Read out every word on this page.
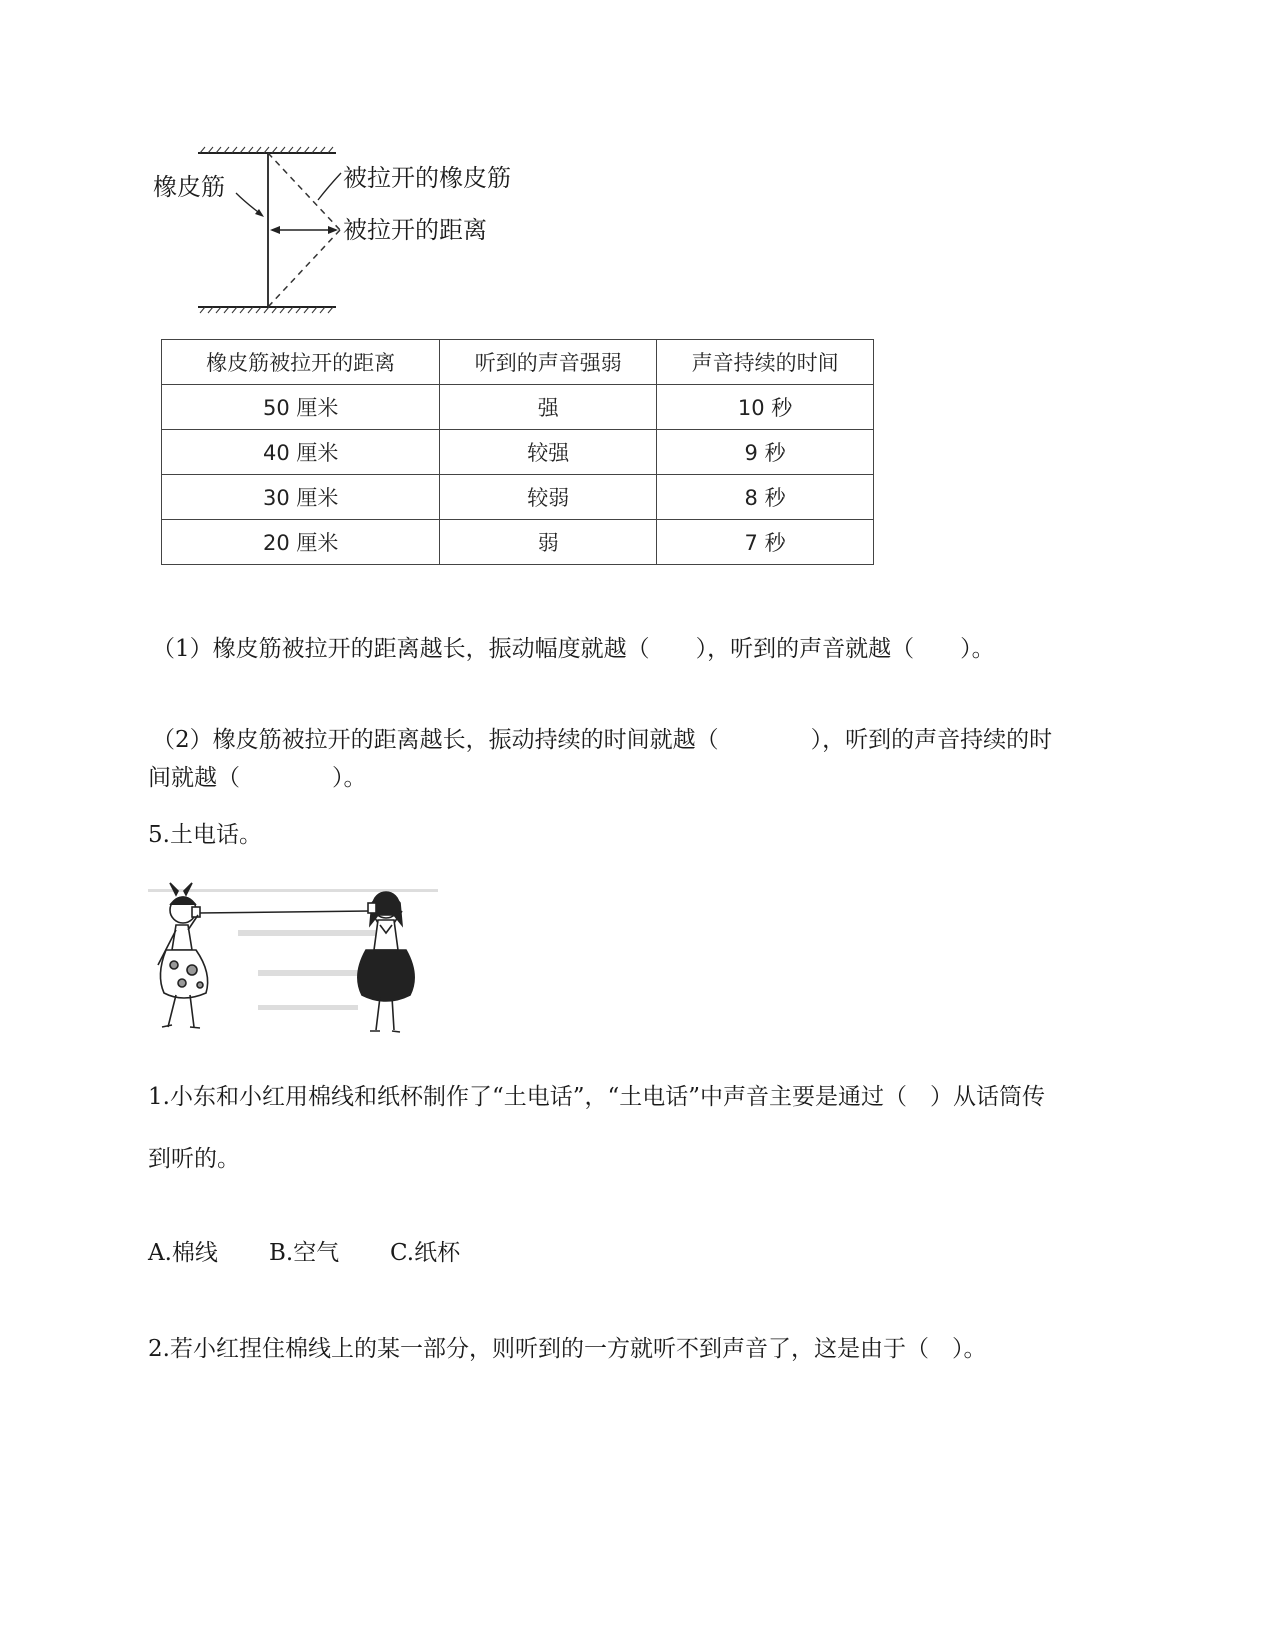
橡皮筋	被拉开的橡皮筋
被拉开的距离
橡皮筋被拉开的距离	听到的声音强弱	声音持续的时间
50 厘米	强	10 秒
40 厘米	较强	9 秒
30 厘米	较弱	8 秒
20 厘米	弱	7 秒
（1）橡皮筋被拉开的距离越长，振动幅度就越（　　），听到的声音就越（　　）。
（2）橡皮筋被拉开的距离越长，振动持续的时间就越（　　　　），听到的声音持续的时
间就越（　　　　）。
5.土电话。
1.小东和小红用棉线和纸杯制作了“土电话”，“土电话”中声音主要是通过（　）从话筒传
到听的。
A.棉线 B.空气 C.纸杯
2.若小红捏住棉线上的某一部分，则听到的一方就听不到声音了，这是由于（　）。
